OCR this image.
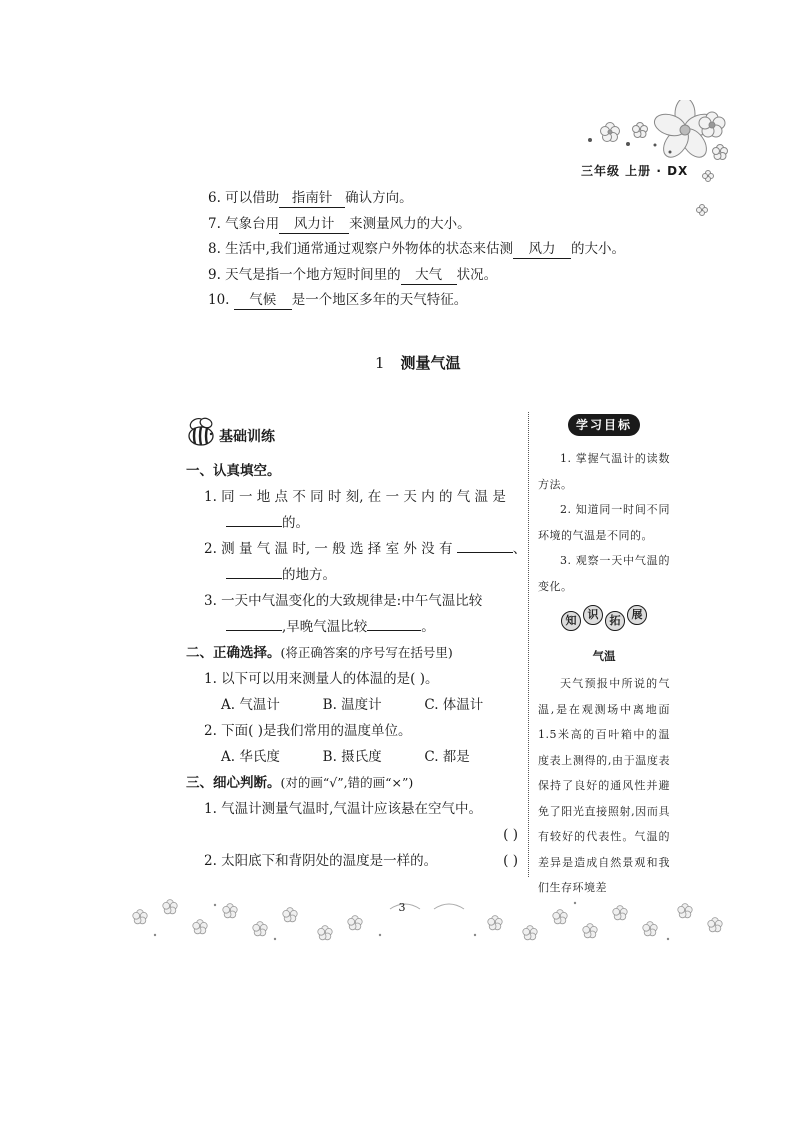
三年级 上册 · DX
6. 可以借助 指南针 确认方向。
7. 气象台用 风力计 来测量风力的大小。
8. 生活中,我们通常通过观察户外物体的状态来估测 风力 的大小。
9. 天气是指一个地方短时间里的 大气 状况。
10. 气候 是一个地区多年的天气特征。
1 测量气温
基础训练
一、认真填空。
1. 同 一 地 点 不 同 时 刻, 在 一 天 内 的 气 温 是
的。
2. 测 量 气 温 时, 一 般 选 择 室 外 没 有	、
的地方。
3. 一天中气温变化的大致规律是:中午气温比较
,早晚气温比较	。
二、正确选择。(将正确答案的序号写在括号里)
1. 以下可以用来测量人的体温的是( )。
A. 气温计	B. 温度计	C. 体温计
2. 下面( )是我们常用的温度单位。
A. 华氏度	B. 摄氏度	C. 都是
三、细心判断。(对的画“√”,错的画“×”)
1. 气温计测量气温时,气温计应该悬在空气中。
( )
2. 太阳底下和背阴处的温度是一样的。	( )
学习目标
1. 掌握气温计的读数方法。
2. 知道同一时间不同环境的气温是不同的。
3. 观察一天中气温的变化。
知	识	拓	展
气温
天气预报中所说的气温,是在观测场中离地面1.5米高的百叶箱中的温度表上测得的,由于温度表保持了良好的通风性并避免了阳光直接照射,因而具有较好的代表性。气温的差异是造成自然景观和我们生存环境差
3
